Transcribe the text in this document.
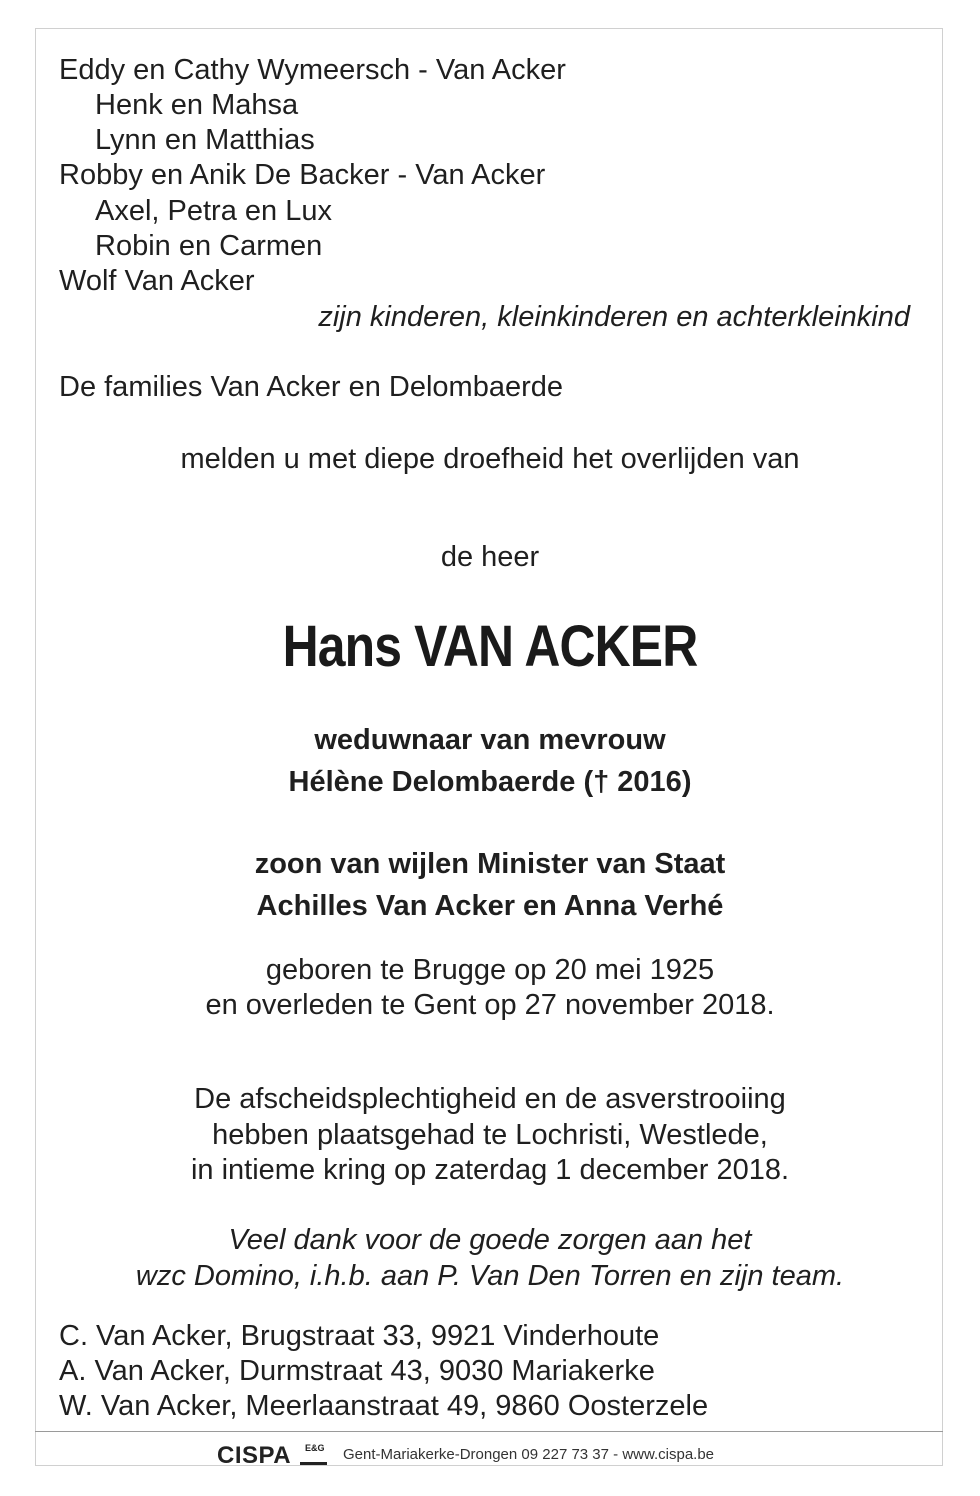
Eddy en Cathy Wymeersch - Van Acker
Henk en Mahsa
Lynn en Matthias
Robby en Anik De Backer - Van Acker
Axel, Petra en Lux
Robin en Carmen
Wolf Van Acker
zijn kinderen, kleinkinderen en achterkleinkind
De families Van Acker en Delombaerde
melden u met diepe droefheid het overlijden van
de heer
Hans VAN ACKER
weduwnaar van mevrouw
Hélène Delombaerde († 2016)
zoon van wijlen Minister van Staat
Achilles Van Acker en Anna Verhé
geboren te Brugge op 20 mei 1925
en overleden te Gent op 27 november 2018.
De afscheidsplechtigheid en de asverstrooiing
hebben plaatsgehad te Lochristi, Westlede,
in intieme kring op zaterdag 1 december 2018.
Veel dank voor de goede zorgen aan het
wzc Domino, i.h.b. aan P. Van Den Torren en zijn team.
C. Van Acker, Brugstraat 33, 9921 Vinderhoute
A. Van Acker, Durmstraat 43, 9030 Mariakerke
W. Van Acker, Meerlaanstraat 49, 9860 Oosterzele
CISPA E&G Gent-Mariakerke-Drongen 09 227 73 37 - www.cispa.be
